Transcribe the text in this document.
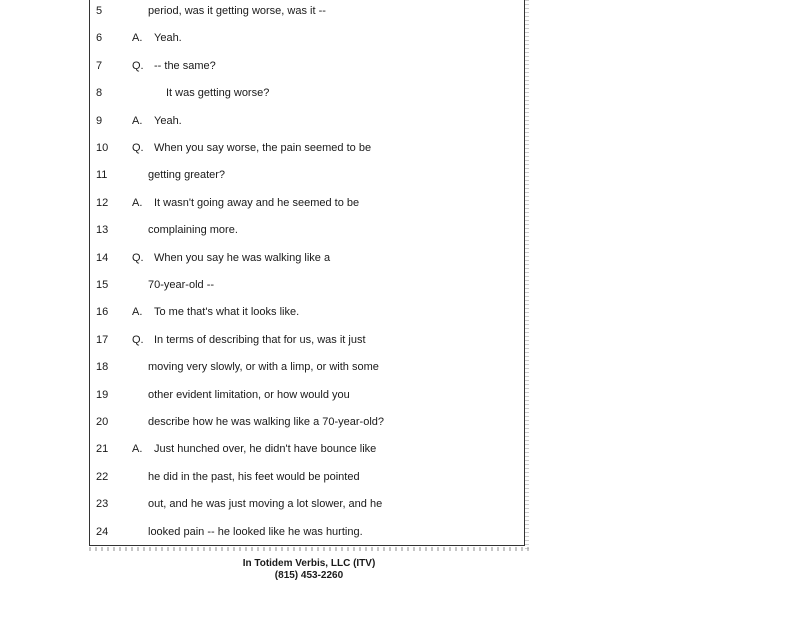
5	period, was it getting worse, was it --
6	A. Yeah.
7	Q. -- the same?
8	It was getting worse?
9	A. Yeah.
10	Q. When you say worse, the pain seemed to be
11	getting greater?
12	A. It wasn't going away and he seemed to be
13	complaining more.
14	Q. When you say he was walking like a
15	70-year-old --
16	A. To me that's what it looks like.
17	Q. In terms of describing that for us, was it just
18	moving very slowly, or with a limp, or with some
19	other evident limitation, or how would you
20	describe how he was walking like a 70-year-old?
21	A. Just hunched over, he didn't have bounce like
22	he did in the past, his feet would be pointed
23	out, and he was just moving a lot slower, and he
24	looked pain -- he looked like he was hurting.
In Totidem Verbis, LLC (ITV)
(815) 453-2260
